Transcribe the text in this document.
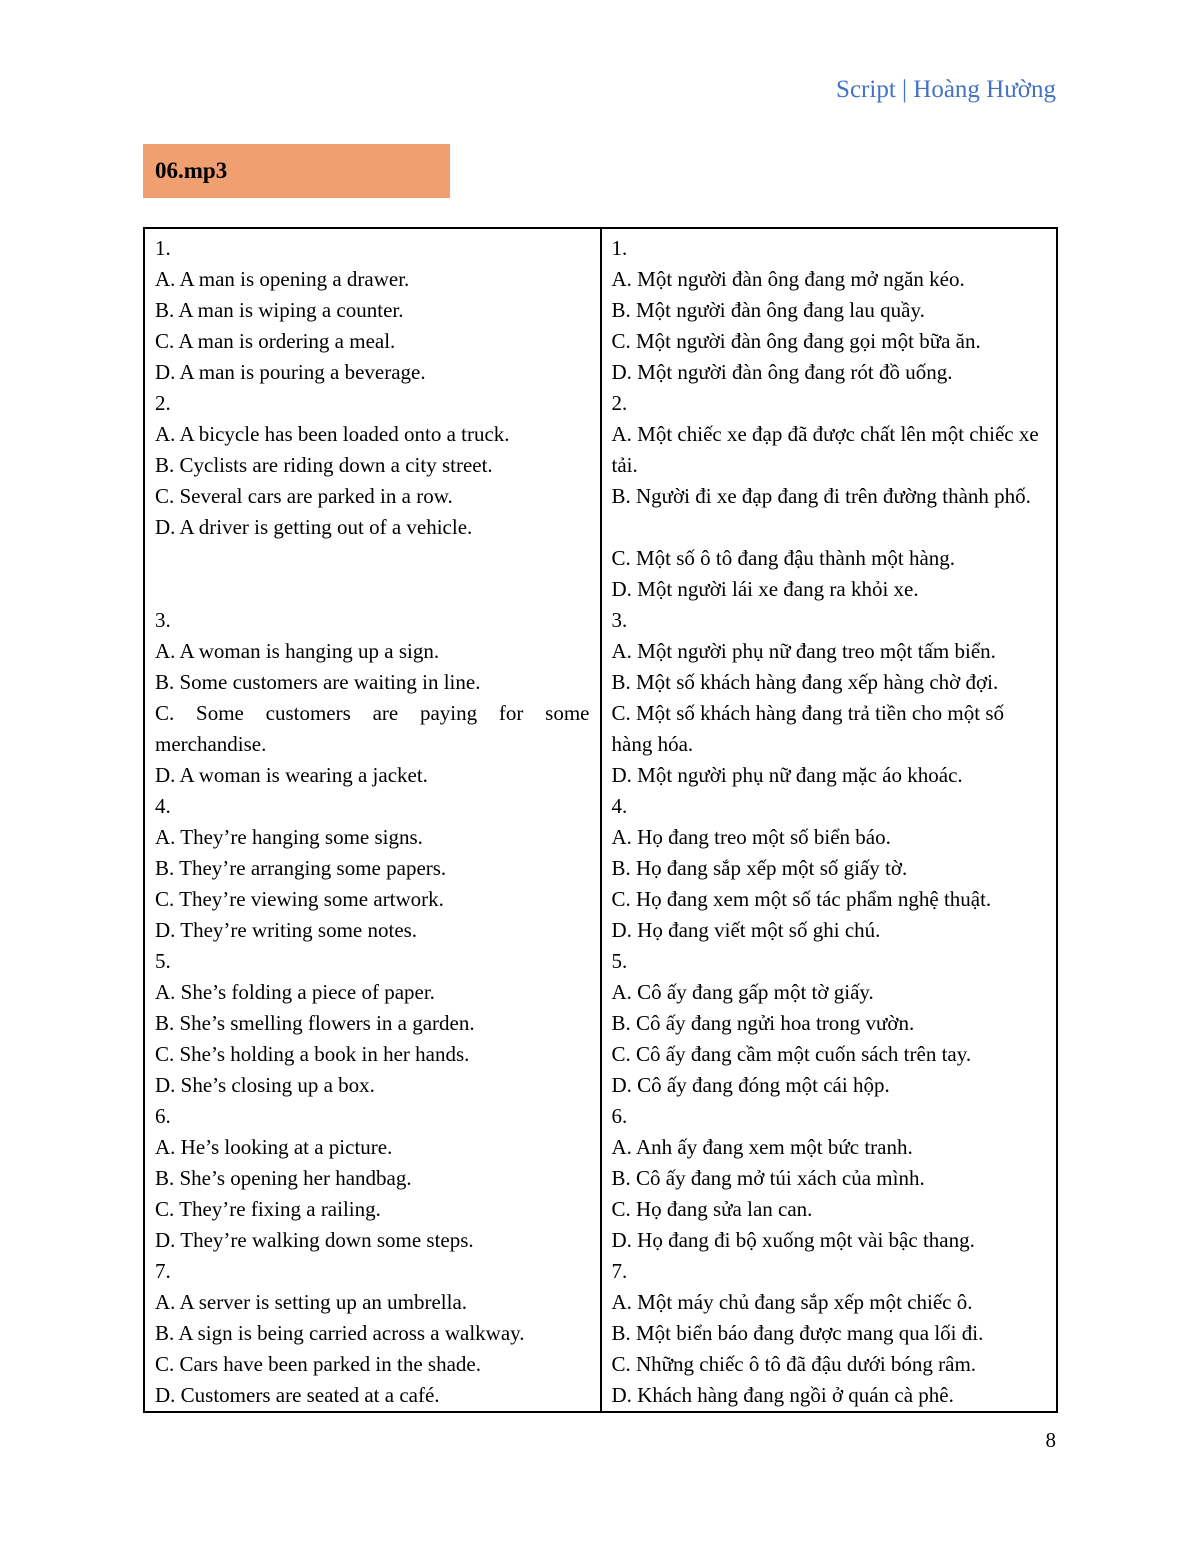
Script | Hoàng Hường
06.mp3
1.
A. A man is opening a drawer.
B. A man is wiping a counter.
C. A man is ordering a meal.
D. A man is pouring a beverage.
2.
A. A bicycle has been loaded onto a truck.
B. Cyclists are riding down a city street.
C. Several cars are parked in a row.
D. A driver is getting out of a vehicle.
3.
A. A woman is hanging up a sign.
B. Some customers are waiting in line.
C. Some customers are paying for some merchandise.
D. A woman is wearing a jacket.
4.
A. They’re hanging some signs.
B. They’re arranging some papers.
C. They’re viewing some artwork.
D. They’re writing some notes.
5.
A. She’s folding a piece of paper.
B. She’s smelling flowers in a garden.
C. She’s holding a book in her hands.
D. She’s closing up a box.
6.
A. He’s looking at a picture.
B. She’s opening her handbag.
C. They’re fixing a railing.
D. They’re walking down some steps.
7.
A. A server is setting up an umbrella.
B. A sign is being carried across a walkway.
C. Cars have been parked in the shade.
D. Customers are seated at a café.

1.
A. Một người đàn ông đang mở ngăn kéo.
B. Một người đàn ông đang lau quầy.
C. Một người đàn ông đang gọi một bữa ăn.
D. Một người đàn ông đang rót đồ uống.
2.
A. Một chiếc xe đạp đã được chất lên một chiếc xe tải.
B. Người đi xe đạp đang đi trên đường thành phố.
C. Một số ô tô đang đậu thành một hàng.
D. Một người lái xe đang ra khỏi xe.
3.
A. Một người phụ nữ đang treo một tấm biển.
B. Một số khách hàng đang xếp hàng chờ đợi.
C. Một số khách hàng đang trả tiền cho một số hàng hóa.
D. Một người phụ nữ đang mặc áo khoác.
4.
A. Họ đang treo một số biển báo.
B. Họ đang sắp xếp một số giấy tờ.
C. Họ đang xem một số tác phẩm nghệ thuật.
D. Họ đang viết một số ghi chú.
5.
A. Cô ấy đang gấp một tờ giấy.
B. Cô ấy đang ngửi hoa trong vườn.
C. Cô ấy đang cầm một cuốn sách trên tay.
D. Cô ấy đang đóng một cái hộp.
6.
A. Anh ấy đang xem một bức tranh.
B. Cô ấy đang mở túi xách của mình.
C. Họ đang sửa lan can.
D. Họ đang đi bộ xuống một vài bậc thang.
7.
A. Một máy chủ đang sắp xếp một chiếc ô.
B. Một biển báo đang được mang qua lối đi.
C. Những chiếc ô tô đã đậu dưới bóng râm.
D. Khách hàng đang ngồi ở quán cà phê.
8
